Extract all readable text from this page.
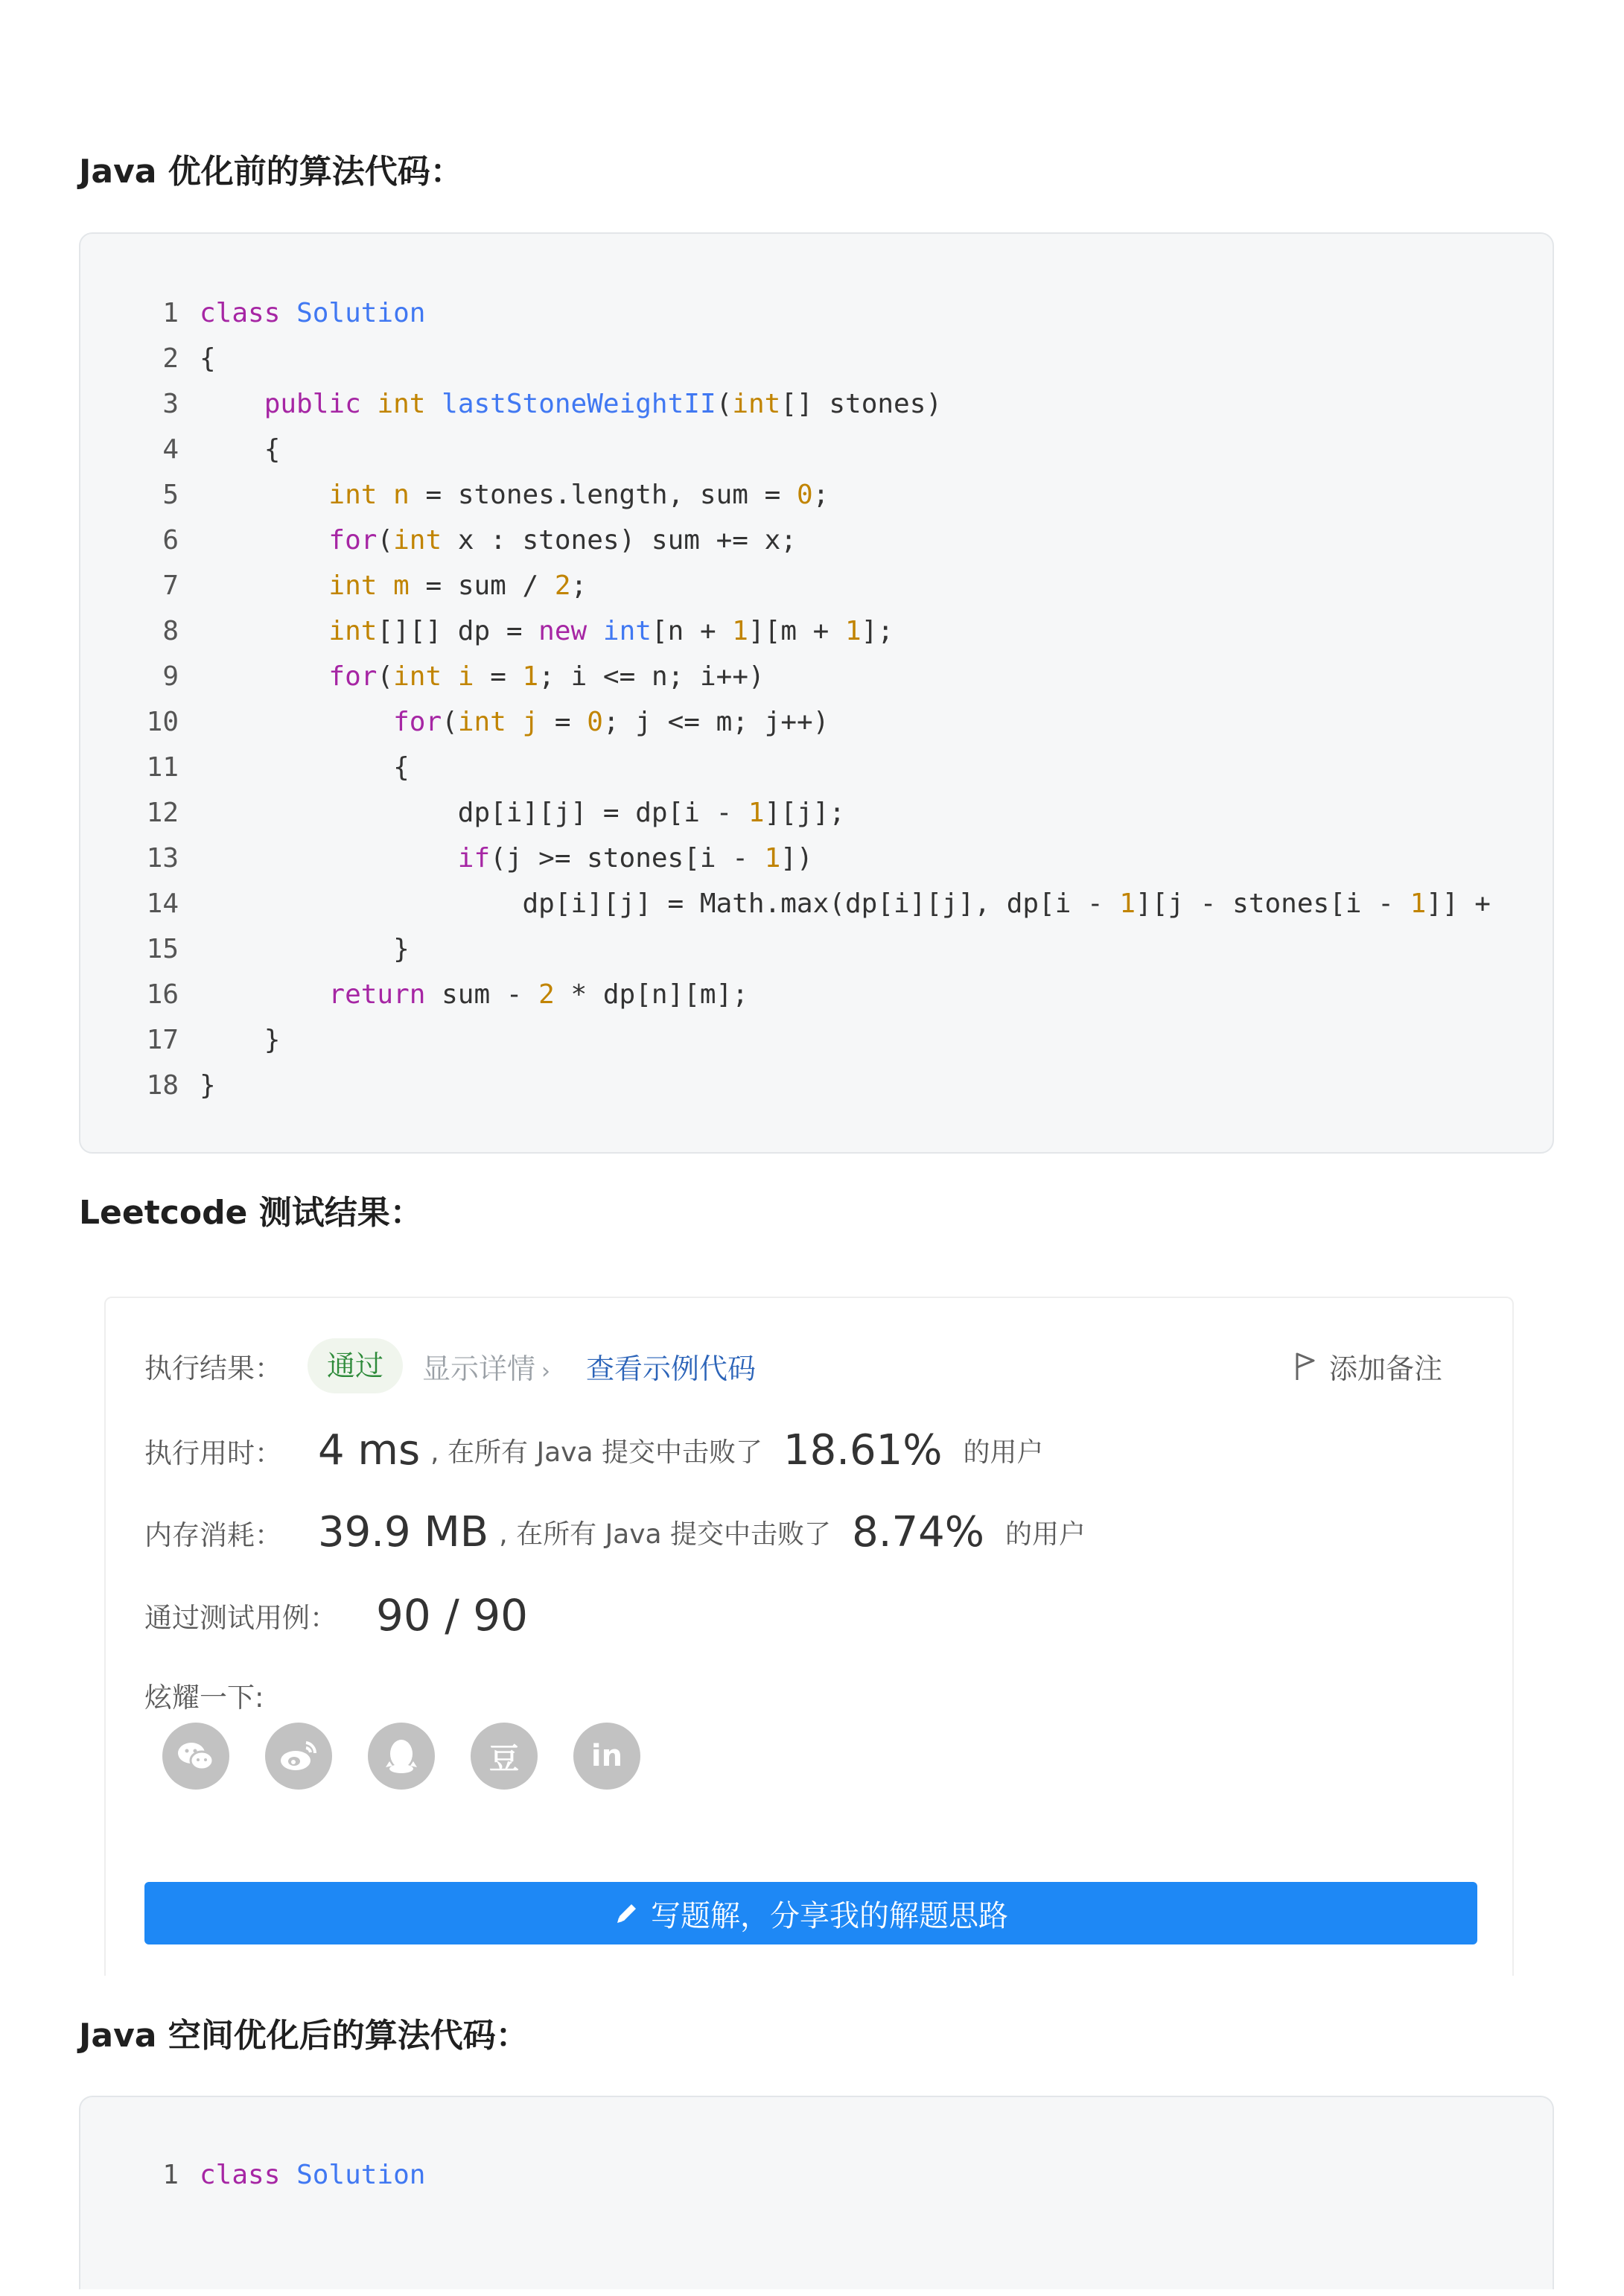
Java 优化前的算法代码：
1 class Solution
2 {
3	public int lastStoneWeightII(int[] stones)
4 {
5	int n = stones.length, sum = 0;
6	for(int x : stones) sum += x;
7	int m = sum / 2;
8	int[][] dp = new int[n + 1][m + 1];
9	for(int i = 1; i <= n; i++)
10	for(int j = 0; j <= m; j++)
11 {
12 dp[i][j] = dp[i - 1][j];
13	if(j >= stones[i - 1])
14 dp[i][j] = Math.max(dp[i][j], dp[i - 1][j - stones[i - 1]] +
15 }
16	return sum - 2 * dp[n][m];
17 }
18 }
Leetcode 测试结果：
执行结果：	通过	显示详情 › 查看示例代码	添加备注
执行用时： 4 ms , 在所有 Java 提交中击败了 18.61% 的用户
内存消耗： 39.9 MB , 在所有 Java 提交中击败了 8.74% 的用户
通过测试用例： 90 / 90
炫耀一下:
豆	in
写题解，分享我的解题思路
Java 空间优化后的算法代码：
1 class Solution
